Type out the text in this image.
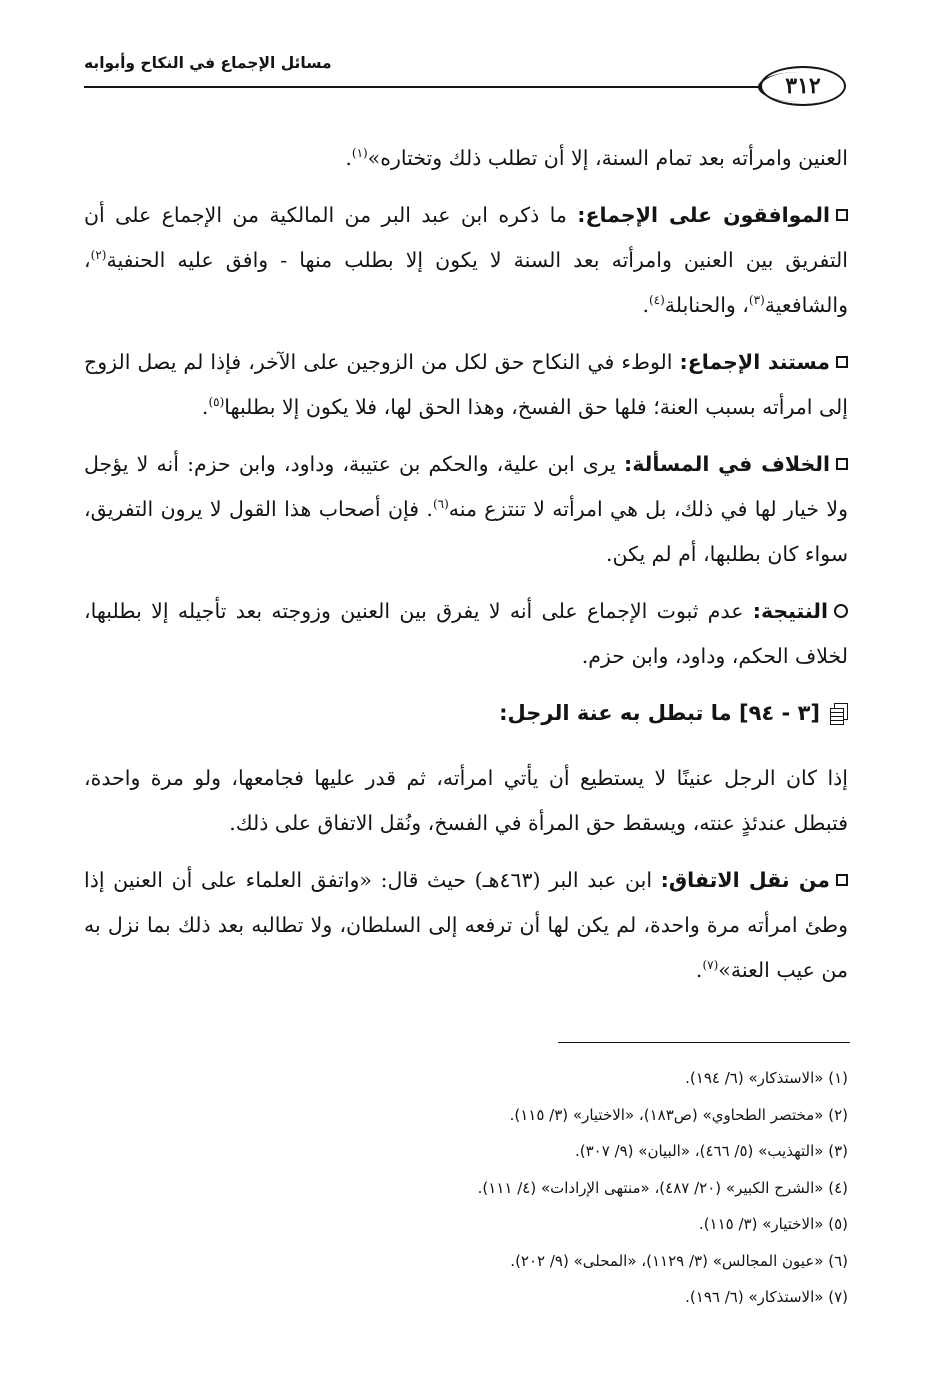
مسائل الإجماع في النكاح وأبوابه
٣١٢

العنين وامرأته بعد تمام السنة، إلا أن تطلب ذلك وتختاره»$^{(١)}$.

الموافقون على الإجماع: ما ذكره ابن عبد البر من المالكية من الإجماع على أن التفريق بين العنين وامرأته بعد السنة لا يكون إلا بطلب منها - وافق عليه الحنفية$^{(٢)}$، والشافعية$^{(٣)}$، والحنابلة$^{(٤)}$.

مستند الإجماع: الوطء في النكاح حق لكل من الزوجين على الآخر، فإذا لم يصل الزوج إلى امرأته بسبب العنة؛ فلها حق الفسخ، وهذا الحق لها، فلا يكون إلا بطلبها$^{(٥)}$.

الخلاف في المسألة: يرى ابن علية، والحكم بن عتيبة، وداود، وابن حزم: أنه لا يؤجل ولا خيار لها في ذلك، بل هي امرأته لا تنتزع منه$^{(٦)}$. فإن أصحاب هذا القول لا يرون التفريق، سواء كان بطلبها، أم لم يكن.

النتيجة: عدم ثبوت الإجماع على أنه لا يفرق بين العنين وزوجته بعد تأجيله إلا بطلبها، لخلاف الحكم، وداود، وابن حزم.

[٣ - ٩٤] ما تبطل به عنة الرجل:

إذا كان الرجل عنينًا لا يستطيع أن يأتي امرأته، ثم قدر عليها فجامعها، ولو مرة واحدة، فتبطل عندئذٍ عنته، ويسقط حق المرأة في الفسخ، ونُقل الاتفاق على ذلك.

من نقل الاتفاق: ابن عبد البر (٤٦٣هـ) حيث قال: «واتفق العلماء على أن العنين إذا وطئ امرأته مرة واحدة، لم يكن لها أن ترفعه إلى السلطان، ولا تطالبه بعد ذلك بما نزل به من عيب العنة»$^{(٧)}$.

(١) «الاستذكار» (٦/ ١٩٤).
(٢) «مختصر الطحاوي» (ص١٨٣)، «الاختيار» (٣/ ١١٥).
(٣) «التهذيب» (٥/ ٤٦٦)، «البيان» (٩/ ٣٠٧).
(٤) «الشرح الكبير» (٢٠/ ٤٨٧)، «منتهى الإرادات» (٤/ ١١١).
(٥) «الاختيار» (٣/ ١١٥).
(٦) «عيون المجالس» (٣/ ١١٢٩)، «المحلى» (٩/ ٢٠٢).
(٧) «الاستذكار» (٦/ ١٩٦).
